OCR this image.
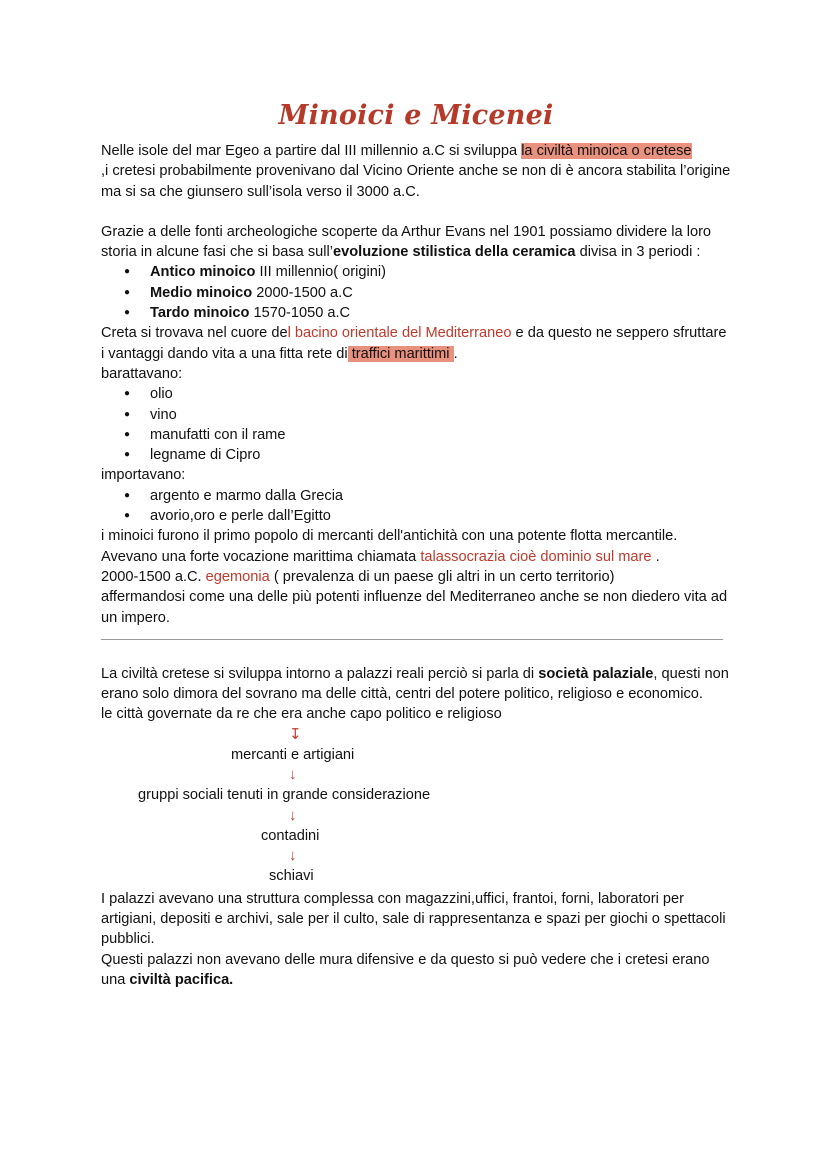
Minoici e Micenei

Nelle isole del mar Egeo a partire dal III millennio a.C si sviluppa la civiltà minoica o cretese
,i cretesi probabilmente provenivano dal Vicino Oriente anche se non di è ancora stabilita l’origine ma si sa che giunsero sull’isola verso il 3000 a.C.

Grazie a delle fonti archeologiche scoperte da Arthur Evans nel 1901 possiamo dividere la loro storia in alcune fasi che si basa sull’evoluzione stilistica della ceramica divisa in 3 periodi :

● Antico minoico III millennio( origini)
● Medio minoico 2000-1500 a.C
● Tardo minoico 1570-1050 a.C

Creta si trovava nel cuore del bacino orientale del Mediterraneo e da questo ne seppero sfruttare i vantaggi dando vita a una fitta rete di traffici marittimi .

barattavano:

● olio
● vino
● manufatti con il rame
● legname di Cipro

importavano:

● argento e marmo dalla Grecia
● avorio,oro e perle dall’Egitto

i minoici furono il primo popolo di mercanti dell'antichità con una potente flotta mercantile.
Avevano una forte vocazione marittima chiamata talassocrazia cioè dominio sul mare .
2000-1500 a.C. egemonia ( prevalenza di un paese gli altri in un certo territorio)
affermandosi come una delle più potenti influenze del Mediterraneo anche se non diedero vita ad un impero.

La civiltà cretese si sviluppa intorno a palazzi reali perciò si parla di società palaziale, questi non erano solo dimora del sovrano ma delle città, centri del potere politico, religioso e economico.

le città governate da re che era anche capo politico e religioso

↧
mercanti e artigiani
↓
gruppi sociali tenuti in grande considerazione
↓
contadini
↓
schiavi

I palazzi avevano una struttura complessa con magazzini,uffici, frantoi, forni, laboratori per artigiani, depositi e archivi, sale per il culto, sale di rappresentanza e spazi per giochi o spettacoli pubblici.

Questi palazzi non avevano delle mura difensive e da questo si può vedere che i cretesi erano una civiltà pacifica.
